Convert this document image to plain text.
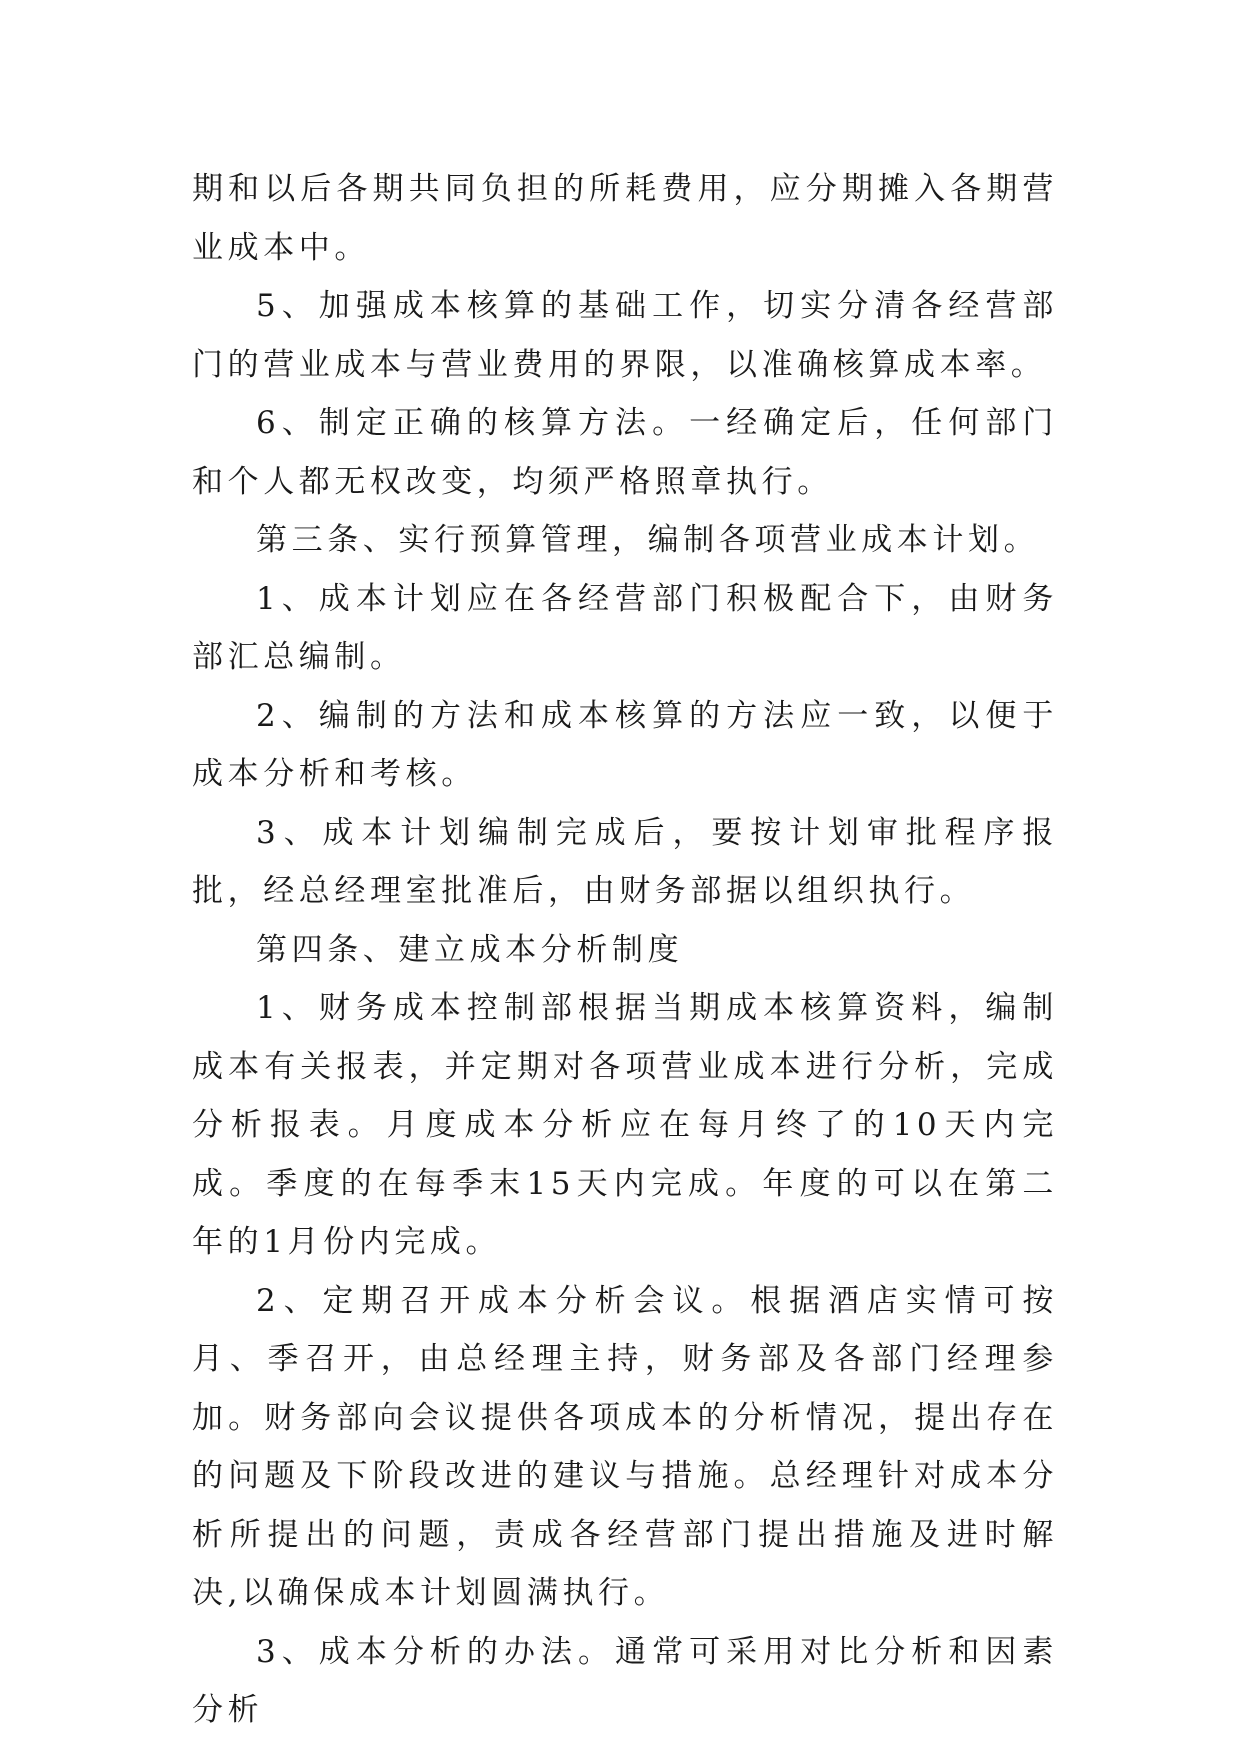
期和以后各期共同负担的所耗费用，应分期摊入各期营业成本中。

5、加强成本核算的基础工作，切实分清各经营部门的营业成本与营业费用的界限，以准确核算成本率。

6、制定正确的核算方法。一经确定后，任何部门和个人都无权改变，均须严格照章执行。

第三条、实行预算管理，编制各项营业成本计划。

1、成本计划应在各经营部门积极配合下，由财务部汇总编制。

2、编制的方法和成本核算的方法应一致，以便于成本分析和考核。

3、成本计划编制完成后，要按计划审批程序报批，经总经理室批准后，由财务部据以组织执行。

第四条、建立成本分析制度

1、财务成本控制部根据当期成本核算资料，编制成本有关报表，并定期对各项营业成本进行分析，完成分析报表。月度成本分析应在每月终了的10天内完成。季度的在每季末15天内完成。年度的可以在第二年的1月份内完成。

2、定期召开成本分析会议。根据酒店实情可按月、季召开，由总经理主持，财务部及各部门经理参加。财务部向会议提供各项成本的分析情况，提出存在的问题及下阶段改进的建议与措施。总经理针对成本分析所提出的问题，责成各经营部门提出措施及进时解决,以确保成本计划圆满执行。

3、成本分析的办法。通常可采用对比分析和因素分析
